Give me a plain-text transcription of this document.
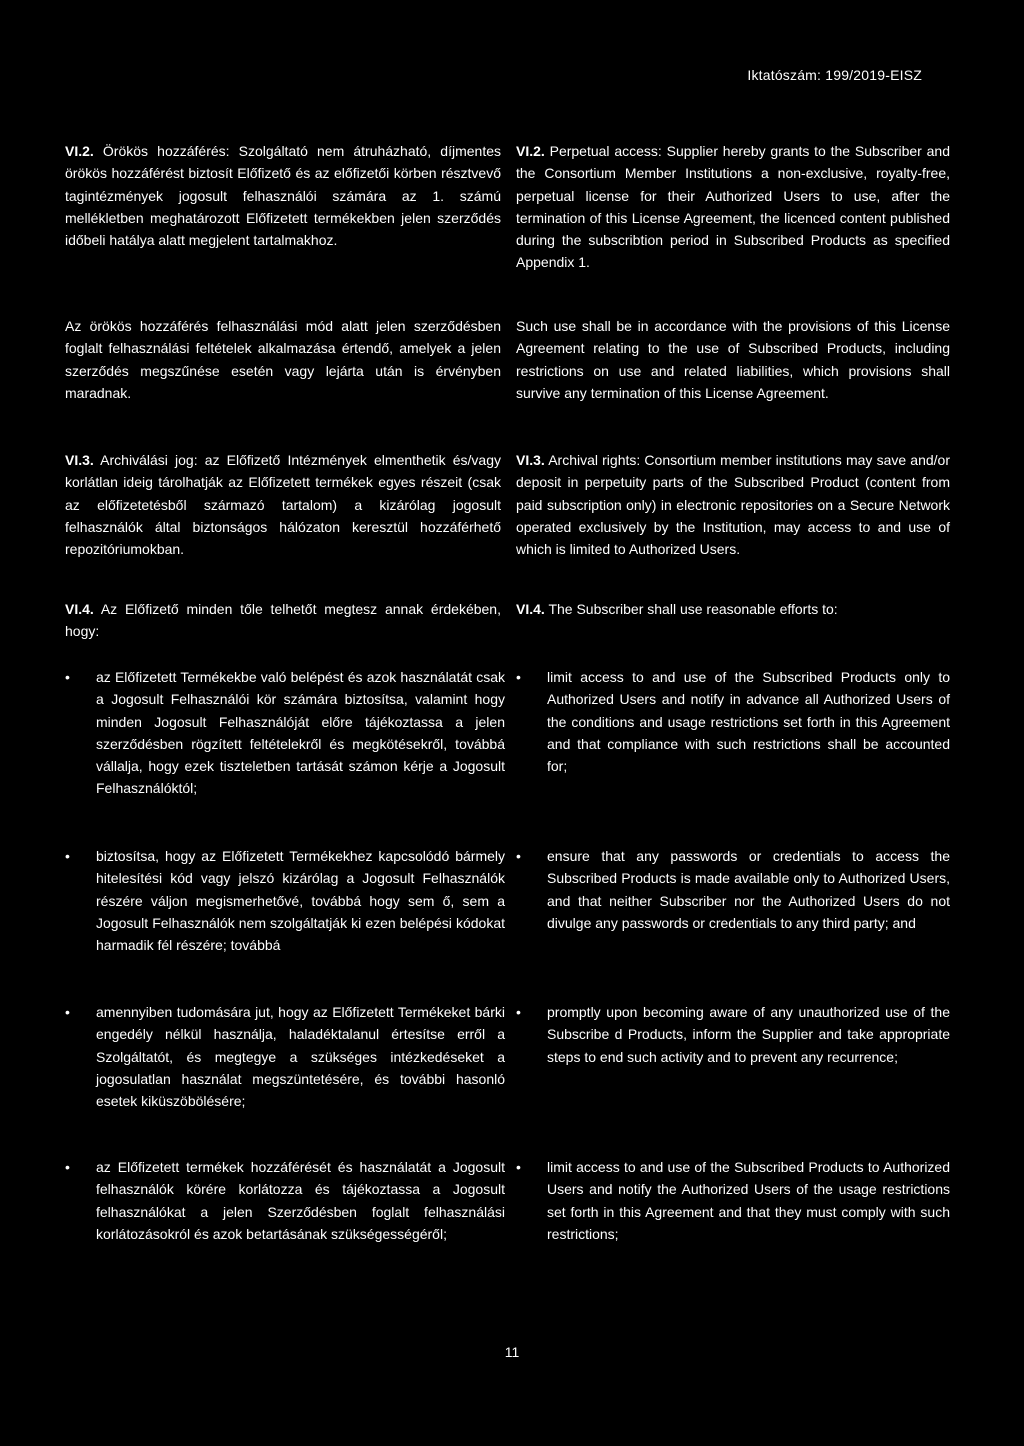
Iktatószám: 199/2019-EISZ

VI.2. Örökös hozzáférés: Szolgáltató nem átruházható, díjmentes örökös hozzáférést biztosít Előfizető és az előfizetői körben résztvevő tagintézmények jogosult felhasználói számára az 1. számú mellékletben meghatározott Előfizetett termékekben jelen szerződés időbeli hatálya alatt megjelent tartalmakhoz.

Az örökös hozzáférés felhasználási mód alatt jelen szerződésben foglalt felhasználási feltételek alkalmazása értendő, amelyek a jelen szerződés megszűnése esetén vagy lejárta után is érvényben maradnak.

VI.3. Archiválási jog: az Előfizető Intézmények elmenthetik és/vagy korlátlan ideig tárolhatják az Előfizetett termékek egyes részeit (csak az előfizetetésből származó tartalom) a kizárólag jogosult felhasználók által biztonságos hálózaton keresztül hozzáférhető repozitóriumokban.

VI.4. Az Előfizető minden tőle telhetőt megtesz annak érdekében, hogy:

•	az Előfizetett Termékekbe való belépést és azok használatát csak a Jogosult Felhasználói kör számára biztosítsa, valamint hogy minden Jogosult Felhasználóját előre tájékoztassa a jelen szerződésben rögzített feltételekről és megkötésekről, továbbá vállalja, hogy ezek tiszteletben tartását számon kérje a Jogosult Felhasználóktól;

•	biztosítsa, hogy az Előfizetett Termékekhez kapcsolódó bármely hitelesítési kód vagy jelszó kizárólag a Jogosult Felhasználók részére váljon megismerhetővé, továbbá hogy sem ő, sem a Jogosult Felhasználók nem szolgáltatják ki ezen belépési kódokat harmadik fél részére; továbbá

•	amennyiben tudomására jut, hogy az Előfizetett Termékeket bárki engedély nélkül használja, haladéktalanul értesítse erről a Szolgáltatót, és megtegye a szükséges intézkedéseket a jogosulatlan használat megszüntetésére, és további hasonló esetek kiküszöbölésére;

•	az Előfizetett termékek hozzáférését és használatát a Jogosult felhasználók körére korlátozza és tájékoztassa a Jogosult felhasználókat a jelen Szerződésben foglalt felhasználási korlátozásokról és azok betartásának szükségességéről;

VI.2. Perpetual access: Supplier hereby grants to the Subscriber and the Consortium Member Institutions a non-exclusive, royalty-free, perpetual license for their Authorized Users to use, after the termination of this License Agreement, the licenced content published during the subscribtion period in Subscribed Products as specified Appendix 1.

Such use shall be in accordance with the provisions of this License Agreement relating to the use of Subscribed Products, including restrictions on use and related liabilities, which provisions shall survive any termination of this License Agreement.

VI.3. Archival rights: Consortium member institutions may save and/or deposit in perpetuity parts of the Subscribed Product (content from paid subscription only) in electronic repositories on a Secure Network operated exclusively by the Institution, may access to and use of which is limited to Authorized Users.

VI.4. The Subscriber shall use reasonable efforts to:

•	limit access to and use of the Subscribed Products only to Authorized Users and notify in advance all Authorized Users of the conditions and usage restrictions set forth in this Agreement and that compliance with such restrictions shall be accounted for;

•	ensure that any passwords or credentials to access the Subscribed Products is made available only to Authorized Users, and that neither Subscriber nor the Authorized Users do not divulge any passwords or credentials to any third party; and

•	promptly upon becoming aware of any unauthorized use of the Subscribe d Products, inform the Supplier and take appropriate steps to end such activity and to prevent any recurrence;

•	limit access to and use of the Subscribed Products to Authorized Users and notify the Authorized Users of the usage restrictions set forth in this Agreement and that they must comply with such restrictions;

11
